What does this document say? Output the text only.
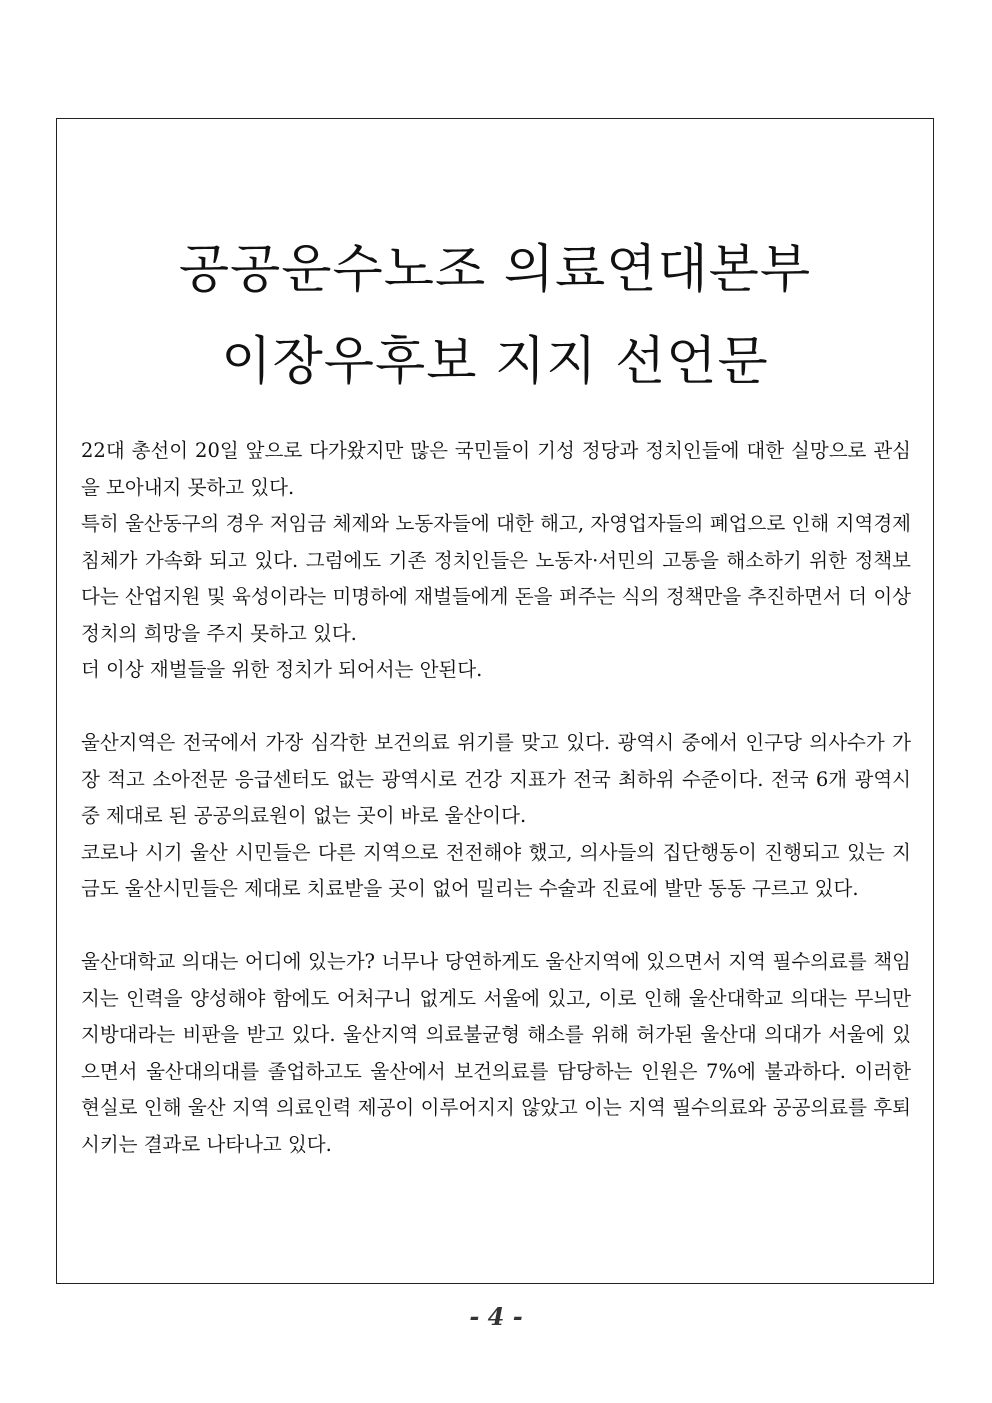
공공운수노조 의료연대본부
이장우후보 지지 선언문

22대 총선이 20일 앞으로 다가왔지만 많은 국민들이 기성 정당과 정치인들에 대한 실망으로 관심을 모아내지 못하고 있다.

특히 울산동구의 경우 저임금 체제와 노동자들에 대한 해고, 자영업자들의 폐업으로 인해 지역경제 침체가 가속화 되고 있다. 그럼에도 기존 정치인들은 노동자·서민의 고통을 해소하기 위한 정책보다는 산업지원 및 육성이라는 미명하에 재벌들에게 돈을 퍼주는 식의 정책만을 추진하면서 더 이상 정치의 희망을 주지 못하고 있다.

더 이상 재벌들을 위한 정치가 되어서는 안된다.

울산지역은 전국에서 가장 심각한 보건의료 위기를 맞고 있다. 광역시 중에서 인구당 의사수가 가장 적고 소아전문 응급센터도 없는 광역시로 건강 지표가 전국 최하위 수준이다. 전국 6개 광역시중 제대로 된 공공의료원이 없는 곳이 바로 울산이다.

코로나 시기 울산 시민들은 다른 지역으로 전전해야 했고, 의사들의 집단행동이 진행되고 있는 지금도 울산시민들은 제대로 치료받을 곳이 없어 밀리는 수술과 진료에 발만 동동 구르고 있다.

울산대학교 의대는 어디에 있는가? 너무나 당연하게도 울산지역에 있으면서 지역 필수의료를 책임지는 인력을 양성해야 함에도 어처구니 없게도 서울에 있고, 이로 인해 울산대학교 의대는 무늬만 지방대라는 비판을 받고 있다. 울산지역 의료불균형 해소를 위해 허가된 울산대 의대가 서울에 있으면서 울산대의대를 졸업하고도 울산에서 보건의료를 담당하는 인원은 7%에 불과하다. 이러한 현실로 인해 울산 지역 의료인력 제공이 이루어지지 않았고 이는 지역 필수의료와 공공의료를 후퇴시키는 결과로 나타나고 있다.

- 4 -
